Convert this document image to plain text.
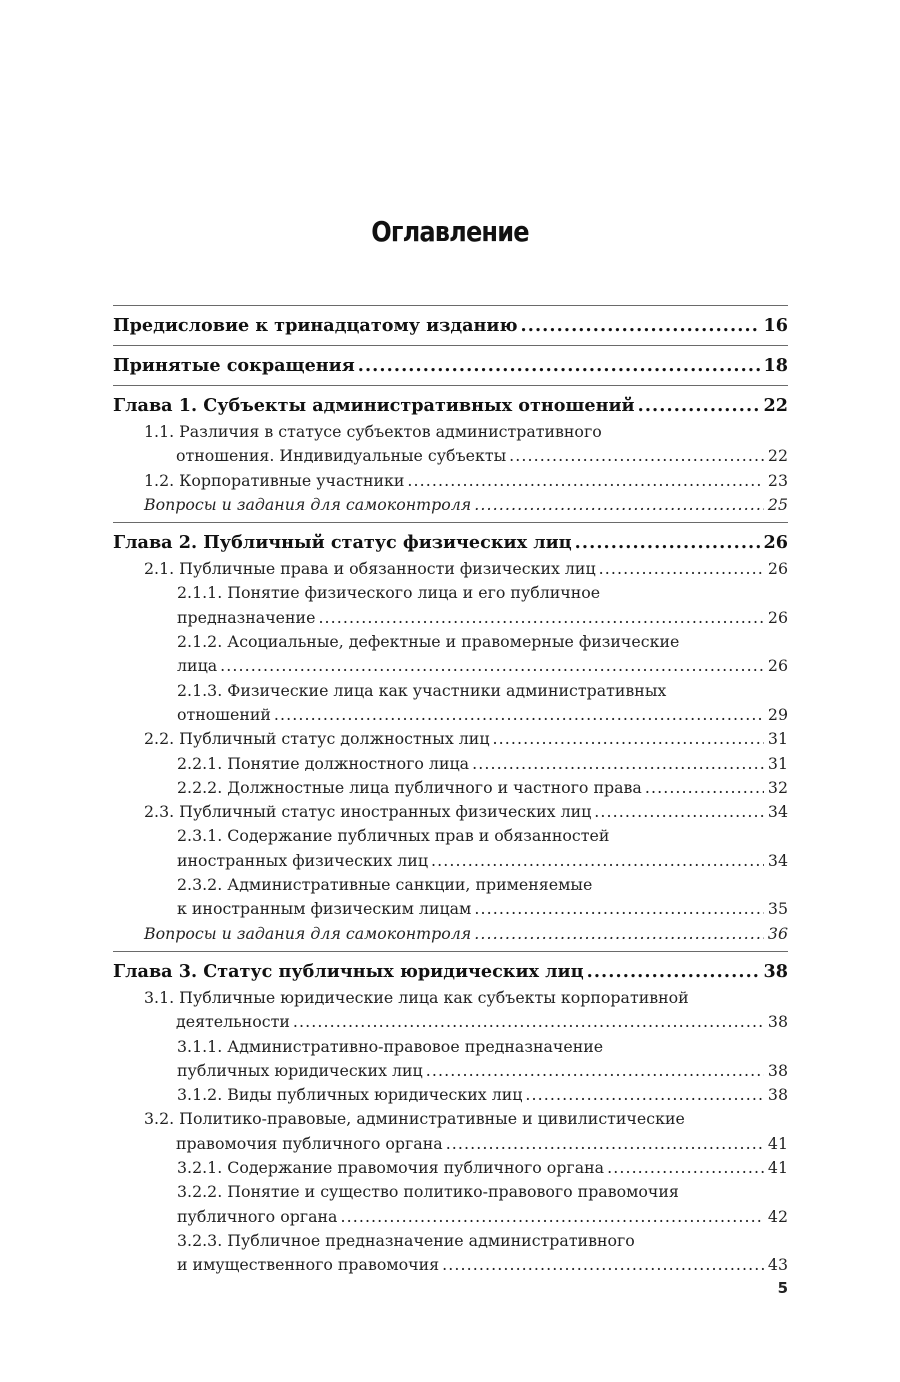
Оглавление
Предисловие к тринадцатому изданию .....	16
Принятые сокращения .....	18
Глава 1. Субъекты административных отношений .....	22
1.1. Различия в статусе субъектов административного
отношения. Индивидуальные субъекты .....	22
1.2. Корпоративные участники .....	23
Вопросы и задания для самоконтроля .....	25
Глава 2. Публичный статус физических лиц .....	26
2.1. Публичные права и обязанности физических лиц .....	26
2.1.1. Понятие физического лица и его публичное
предназначение .....	26
2.1.2. Асоциальные, дефектные и правомерные физические
лица .....	26
2.1.3. Физические лица как участники административных
отношений .....	29
2.2. Публичный статус должностных лиц .....	31
2.2.1. Понятие должностного лица .....	31
2.2.2. Должностные лица публичного и частного права .....	32
2.3. Публичный статус иностранных физических лиц .....	34
2.3.1. Содержание публичных прав и обязанностей
иностранных физических лиц .....	34
2.3.2. Административные санкции, применяемые
к иностранным физическим лицам .....	35
Вопросы и задания для самоконтроля .....	36
Глава 3. Статус публичных юридических лиц .....	38
3.1. Публичные юридические лица как субъекты корпоративной
деятельности .....	38
3.1.1. Административно-правовое предназначение
публичных юридических лиц .....	38
3.1.2. Виды публичных юридических лиц .....	38
3.2. Политико-правовые, административные и цивилистические
правомочия публичного органа .....	41
3.2.1. Содержание правомочия публичного органа .....	41
3.2.2. Понятие и существо политико-правового правомочия
публичного органа .....	42
3.2.3. Публичное предназначение административного
и имущественного правомочия .....	43
5
